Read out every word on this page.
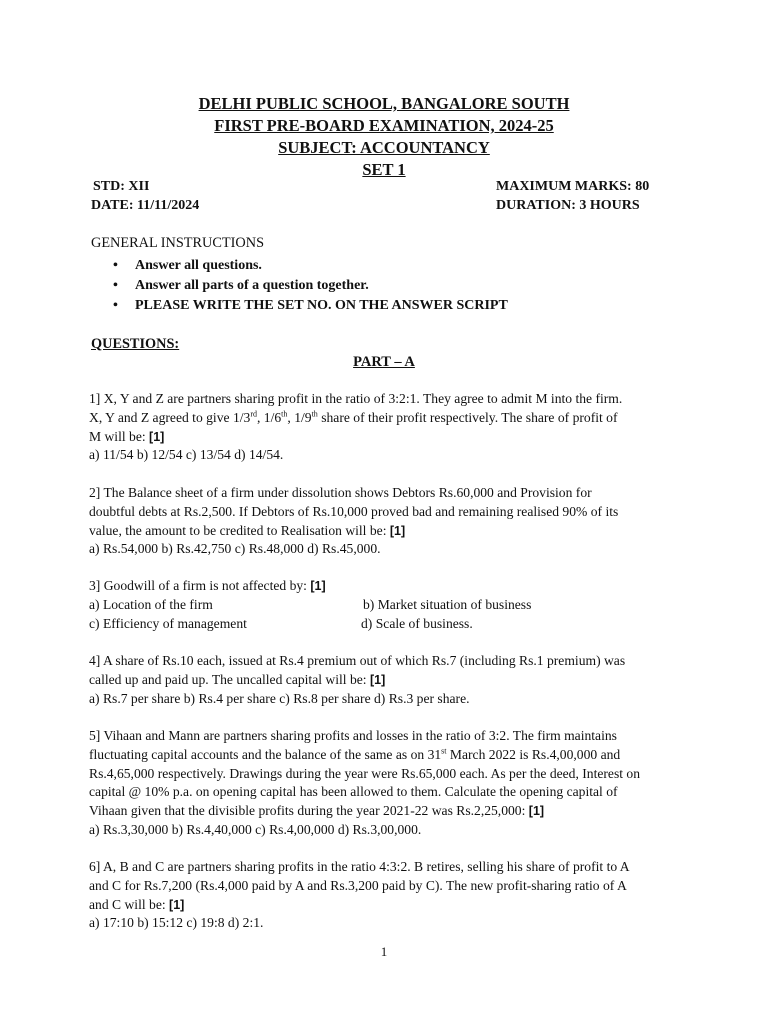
DELHI PUBLIC SCHOOL, BANGALORE SOUTH
FIRST PRE-BOARD EXAMINATION, 2024-25
SUBJECT: ACCOUNTANCY
SET 1
STD: XII
DATE: 11/11/2024
MAXIMUM MARKS: 80
DURATION: 3 HOURS
GENERAL INSTRUCTIONS
• Answer all questions.
• Answer all parts of a question together.
• PLEASE WRITE THE SET NO. ON THE ANSWER SCRIPT
QUESTIONS:
PART – A
1] X, Y and Z are partners sharing profit in the ratio of 3:2:1. They agree to admit M into the firm.
X, Y and Z agreed to give 1/3rd, 1/6th, 1/9th share of their profit respectively. The share of profit of
M will be: [1]
a) 11/54 b) 12/54 c) 13/54 d) 14/54.
2] The Balance sheet of a firm under dissolution shows Debtors Rs.60,000 and Provision for
doubtful debts at Rs.2,500. If Debtors of Rs.10,000 proved bad and remaining realised 90% of its
value, the amount to be credited to Realisation will be: [1]
a) Rs.54,000 b) Rs.42,750 c) Rs.48,000 d) Rs.45,000.
3] Goodwill of a firm is not affected by: [1]
a) Location of the firm	b) Market situation of business
c) Efficiency of management	d) Scale of business.
4] A share of Rs.10 each, issued at Rs.4 premium out of which Rs.7 (including Rs.1 premium) was
called up and paid up. The uncalled capital will be: [1]
a) Rs.7 per share b) Rs.4 per share c) Rs.8 per share d) Rs.3 per share.
5] Vihaan and Mann are partners sharing profits and losses in the ratio of 3:2. The firm maintains
fluctuating capital accounts and the balance of the same as on 31st March 2022 is Rs.4,00,000 and
Rs.4,65,000 respectively. Drawings during the year were Rs.65,000 each. As per the deed, Interest on
capital @ 10% p.a. on opening capital has been allowed to them. Calculate the opening capital of
Vihaan given that the divisible profits during the year 2021-22 was Rs.2,25,000: [1]
a) Rs.3,30,000 b) Rs.4,40,000 c) Rs.4,00,000 d) Rs.3,00,000.
6] A, B and C are partners sharing profits in the ratio 4:3:2. B retires, selling his share of profit to A
and C for Rs.7,200 (Rs.4,000 paid by A and Rs.3,200 paid by C). The new profit-sharing ratio of A
and C will be: [1]
a) 17:10 b) 15:12 c) 19:8 d) 2:1.
1
